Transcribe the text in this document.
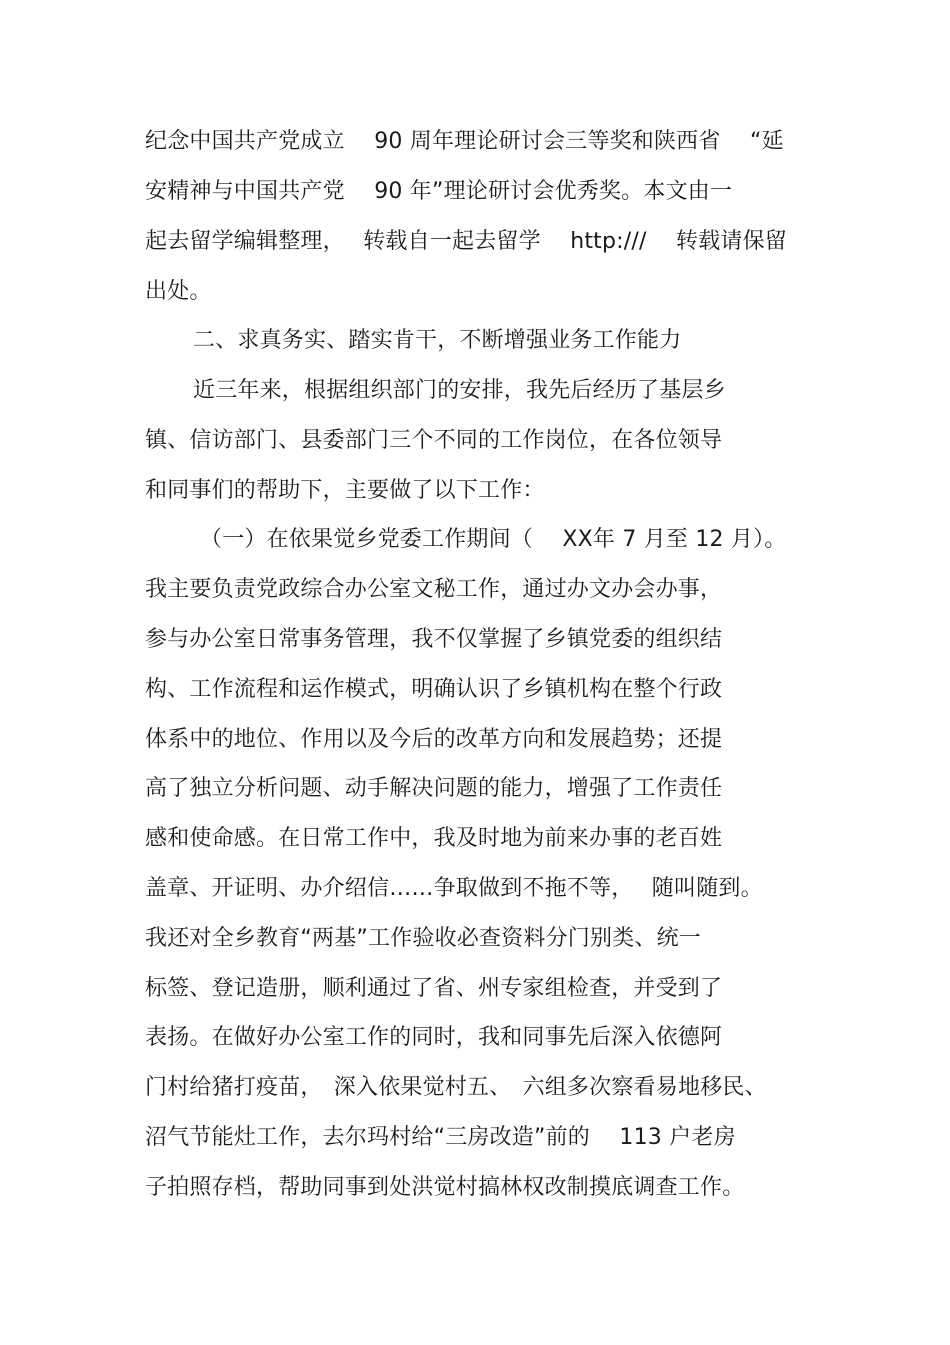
纪念中国共产党成立　 90 周年理论研讨会三等奖和陕西省　 “延
安精神与中国共产党　 90 年”理论研讨会优秀奖。本文由一
起去留学编辑整理，　 转载自一起去留学　 http:///　 转载请保留
出处。
二、求真务实、踏实肯干，不断增强业务工作能力
近三年来，根据组织部门的安排，我先后经历了基层乡
镇、信访部门、县委部门三个不同的工作岗位，在各位领导
和同事们的帮助下，主要做了以下工作：
（一）在依果觉乡党委工作期间（　 XX年 7 月至 12 月）。
我主要负责党政综合办公室文秘工作，通过办文办会办事，
参与办公室日常事务管理，我不仅掌握了乡镇党委的组织结
构、工作流程和运作模式，明确认识了乡镇机构在整个行政
体系中的地位、作用以及今后的改革方向和发展趋势；还提
高了独立分析问题、动手解决问题的能力，增强了工作责任
感和使命感。在日常工作中，我及时地为前来办事的老百姓
盖章、开证明、办介绍信……争取做到不拖不等，　 随叫随到。
我还对全乡教育“两基”工作验收必查资料分门别类、统一
标签、登记造册，顺利通过了省、州专家组检查，并受到了
表扬。在做好办公室工作的同时，我和同事先后深入依德阿
门村给猪打疫苗，　深入依果觉村五、　六组多次察看易地移民、
沼气节能灶工作，去尔玛村给“三房改造”前的　 113 户老房
子拍照存档，帮助同事到处洪觉村搞林权改制摸底调查工作。
